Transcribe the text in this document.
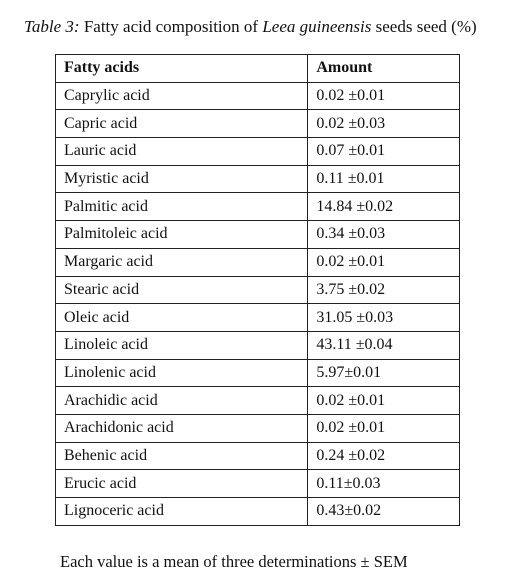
Table 3: Fatty acid composition of Leea guineensis seeds seed (%)
Fatty acids	Amount
Caprylic acid	0.02 ±0.01
Capric acid	0.02 ±0.03
Lauric acid	0.07 ±0.01
Myristic acid	0.11 ±0.01
Palmitic acid	14.84 ±0.02
Palmitoleic acid	0.34 ±0.03
Margaric acid	0.02 ±0.01
Stearic acid	3.75 ±0.02
Oleic acid	31.05 ±0.03
Linoleic acid	43.11 ±0.04
Linolenic acid	5.97±0.01
Arachidic acid	0.02 ±0.01
Arachidonic acid	0.02 ±0.01
Behenic acid	0.24 ±0.02
Erucic acid	0.11±0.03
Lignoceric acid	0.43±0.02
Each value is a mean of three determinations ± SEM
